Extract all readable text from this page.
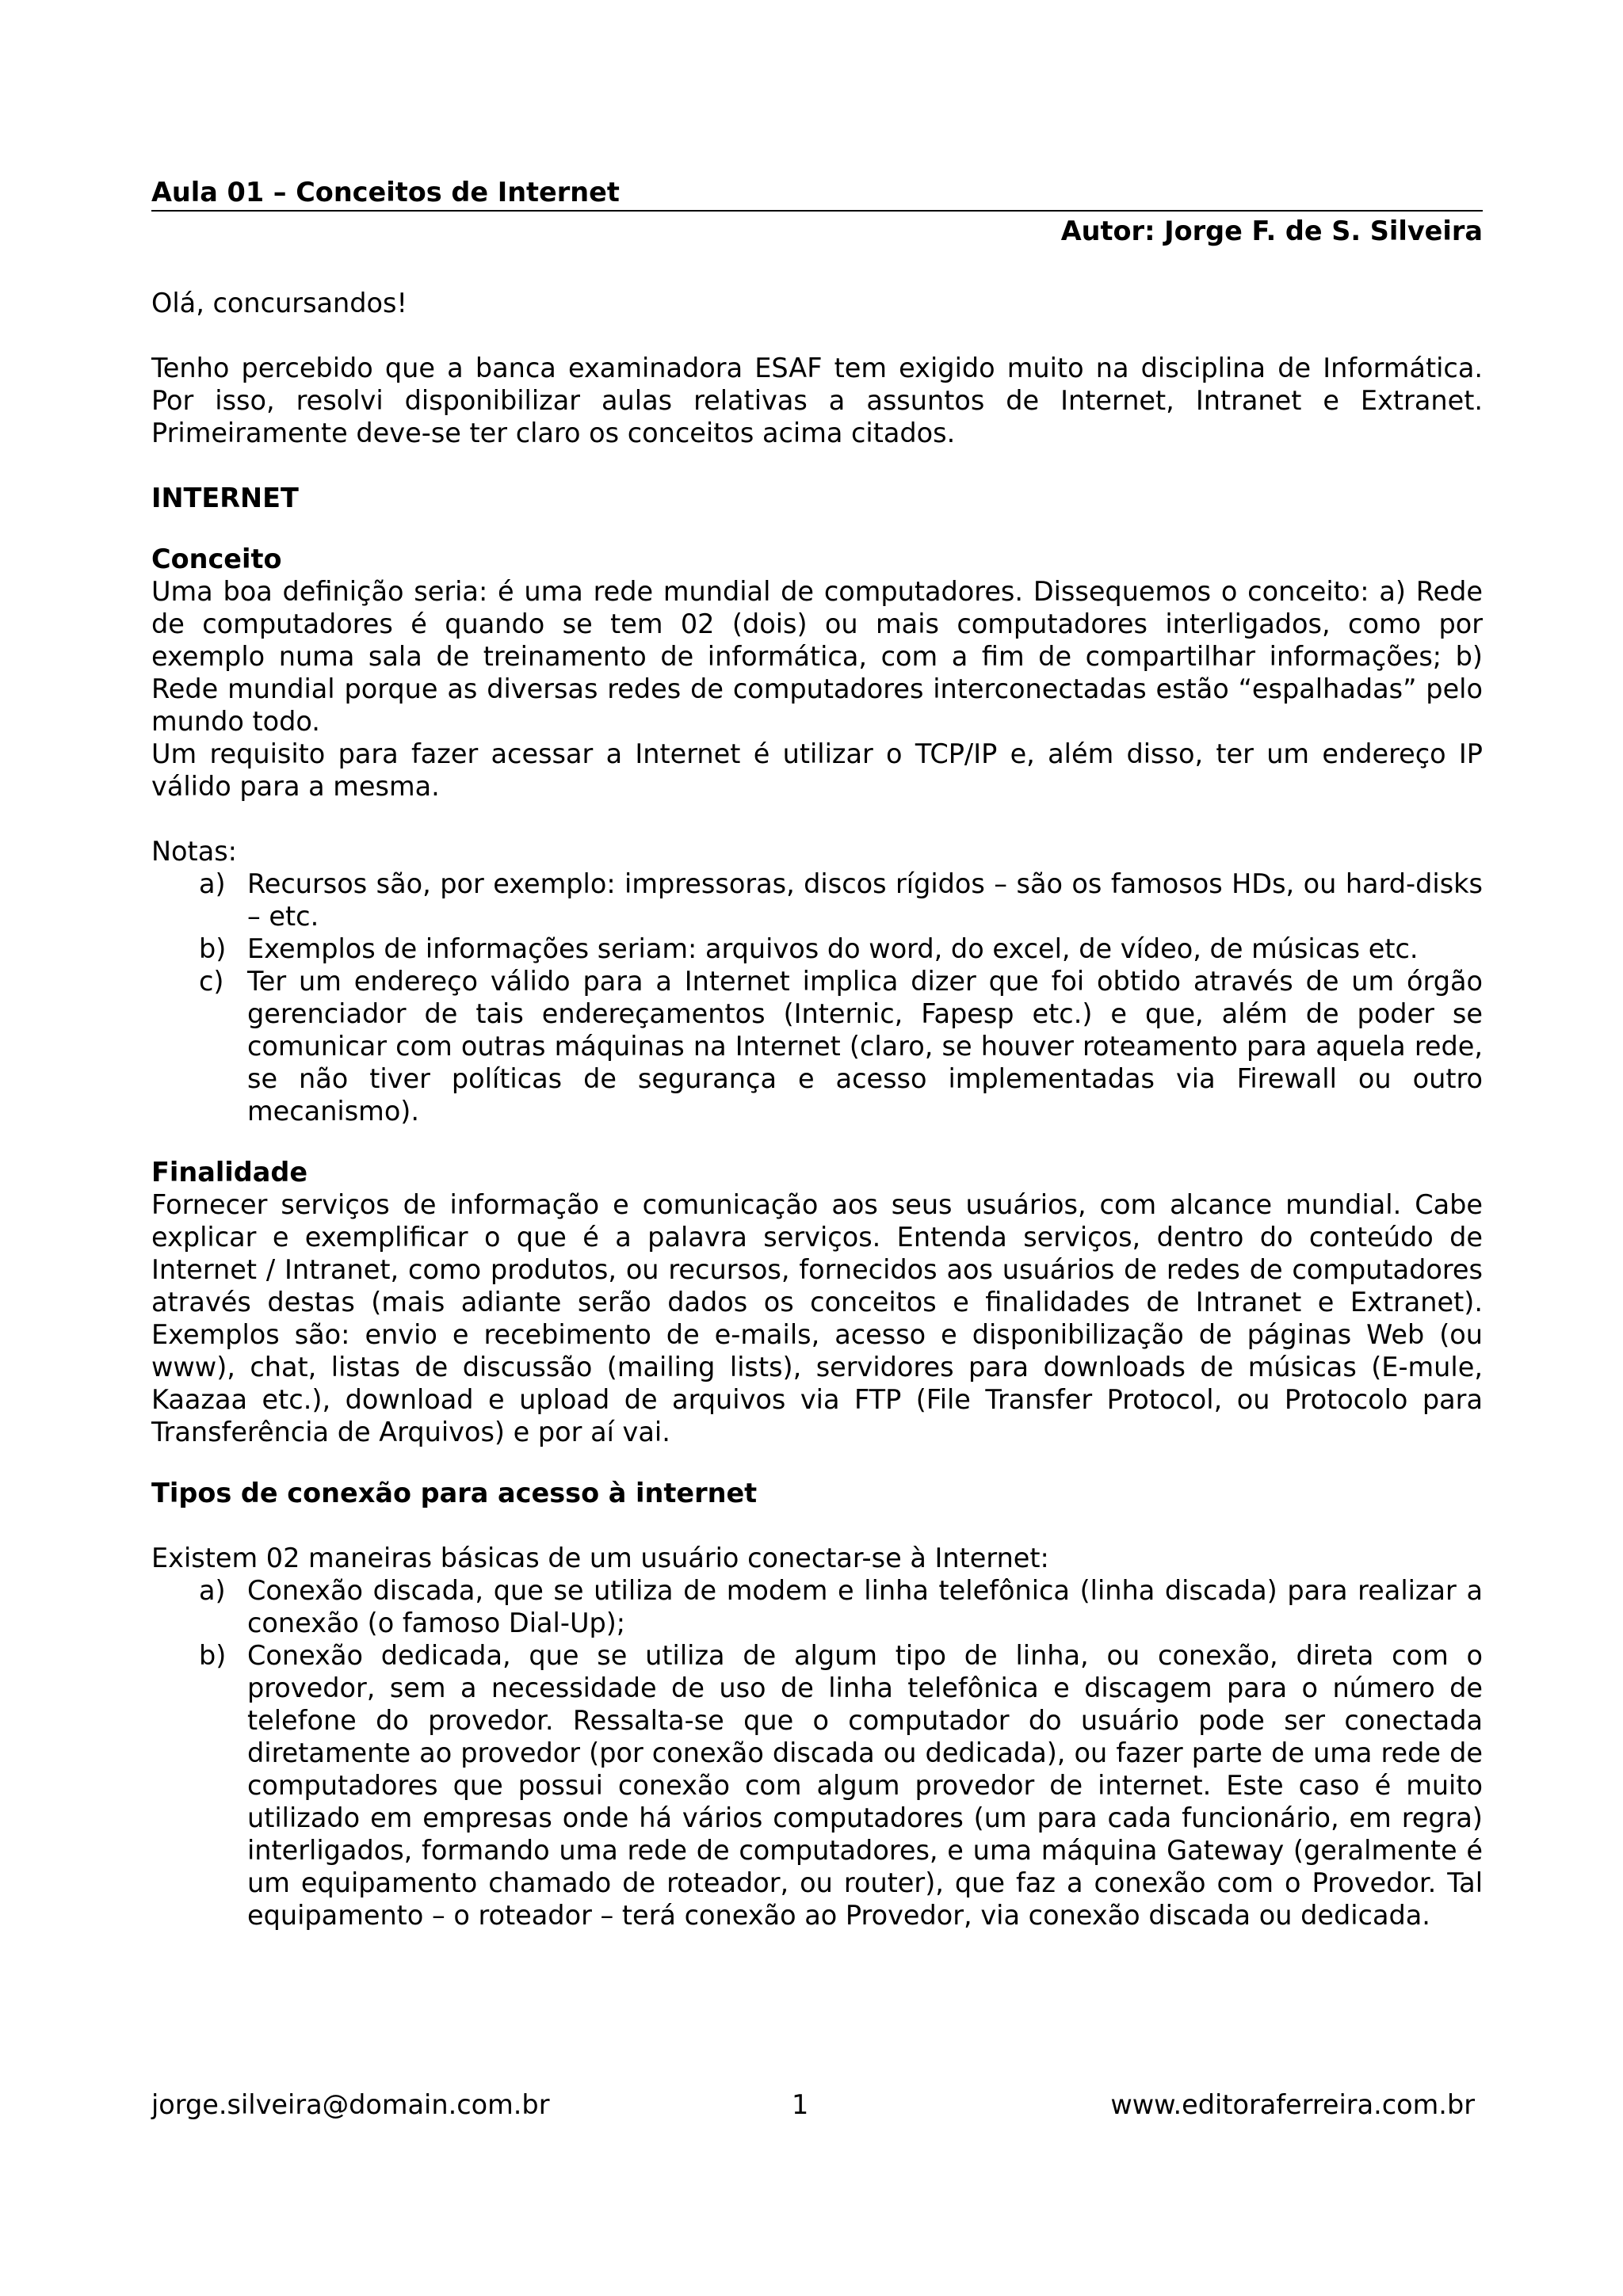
Aula 01 – Conceitos de Internet

Autor: Jorge F. de S. Silveira

Olá, concursandos!

Tenho percebido que a banca examinadora ESAF tem exigido muito na disciplina de Informática. Por isso, resolvi disponibilizar aulas relativas a assuntos de Internet, Intranet e Extranet. Primeiramente deve-se ter claro os conceitos acima citados.

INTERNET

Conceito

Uma boa definição seria: é uma rede mundial de computadores. Dissequemos o conceito: a) Rede de computadores é quando se tem 02 (dois) ou mais computadores interligados, como por exemplo numa sala de treinamento de informática, com a fim de compartilhar informações; b) Rede mundial porque as diversas redes de computadores interconectadas estão “espalhadas” pelo mundo todo.

Um requisito para fazer acessar a Internet é utilizar o TCP/IP e, além disso, ter um endereço IP válido para a mesma.

Notas:

a) Recursos são, por exemplo: impressoras, discos rígidos – são os famosos HDs, ou hard-disks – etc.
b) Exemplos de informações seriam: arquivos do word, do excel, de vídeo, de músicas etc.
c) Ter um endereço válido para a Internet implica dizer que foi obtido através de um órgão gerenciador de tais endereçamentos (Internic, Fapesp etc.) e que, além de poder se comunicar com outras máquinas na Internet (claro, se houver roteamento para aquela rede, se não tiver políticas de segurança e acesso implementadas via Firewall ou outro mecanismo).

Finalidade

Fornecer serviços de informação e comunicação aos seus usuários, com alcance mundial. Cabe explicar e exemplificar o que é a palavra serviços. Entenda serviços, dentro do conteúdo de Internet / Intranet, como produtos, ou recursos, fornecidos aos usuários de redes de computadores através destas (mais adiante serão dados os conceitos e finalidades de Intranet e Extranet). Exemplos são: envio e recebimento de e-mails, acesso e disponibilização de páginas Web (ou www), chat, listas de discussão (mailing lists), servidores para downloads de músicas (E-mule, Kaazaa etc.), download e upload de arquivos via FTP (File Transfer Protocol, ou Protocolo para Transferência de Arquivos) e por aí vai.

Tipos de conexão para acesso à internet

Existem 02 maneiras básicas de um usuário conectar-se à Internet:

a) Conexão discada, que se utiliza de modem e linha telefônica (linha discada) para realizar a conexão (o famoso Dial-Up);
b) Conexão dedicada, que se utiliza de algum tipo de linha, ou conexão, direta com o provedor, sem a necessidade de uso de linha telefônica e discagem para o número de telefone do provedor. Ressalta-se que o computador do usuário pode ser conectada diretamente ao provedor (por conexão discada ou dedicada), ou fazer parte de uma rede de computadores que possui conexão com algum provedor de internet. Este caso é muito utilizado em empresas onde há vários computadores (um para cada funcionário, em regra) interligados, formando uma rede de computadores, e uma máquina Gateway (geralmente é um equipamento chamado de roteador, ou router), que faz a conexão com o Provedor. Tal equipamento – o roteador – terá conexão ao Provedor, via conexão discada ou dedicada.
jorge.silveira@domain.com.br	1	www.editoraferreira.com.br
